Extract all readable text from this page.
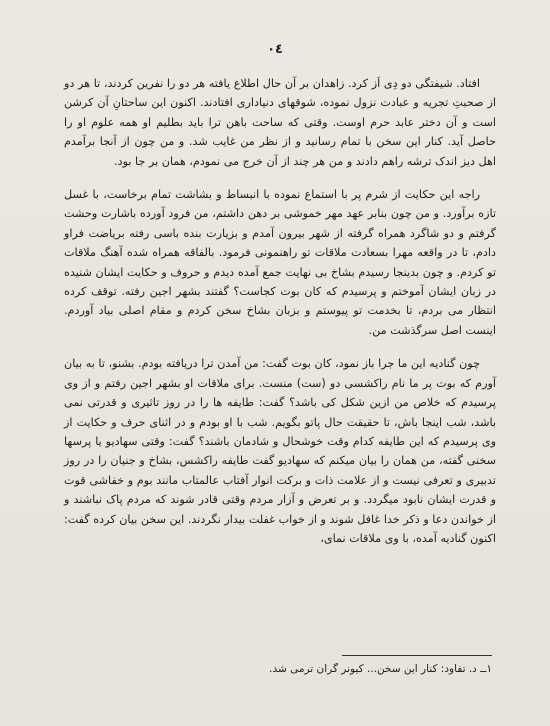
۰٤

افتاد. شیفتگی دو دِی اَز کرد. زاهدان بر آن حال اطلاع یافته هر دو را نفرین کردند، تا هر دو از صحبتِ تجریه و عبادت نزول نموده، شوقهای دنیاداری افتادند. اکنون این ساحتانِ آن کرشن است و آن دختر عابد حرم اوست. وقتی که ساحت باهن ترا باید بطلیم او همه علوم او را حاصل آید. کنار این سخن با تمام رسانید و از نظر من غایب شد. و من چون از آنجا برآمدم اهل دیز اندک ترشه راهم دادند و من هر چند از آن خرج می نمودم، همان بر جا بود.

راجه این حکایت از شرم پر با استماع نموده با انبساط و بشاشت تمام برخاست، با غسل تازه برآورد. و من چون بنابر عهد مهر خموشی بر دهن داشتم، من فرود آورده باشارت وحشت گرفتم و دو شاگرد همراه گرفته از شهر بیرون آمدم و بزیارت بنده باسی رفته بریاضت فراو دادم، تا در واقعه مهرا بسعادت ملاقات تو راهنمونی فرمود. بالفاقه همراه شده آهنگ ملاقات تو کردم. و چون بدینجا رسیدم بشاخ بی نهایت جمع آمده دیدم و حروف و حکایت ایشان شنیده در زبان ایشان آموختم و پرسیدم که کان بوت کجاست؟ گفتند بشهر اجین رفته. توقف کرده انتظار می بردم، تا بخدمت تو پیوستم و بزبان بشاخ سخن کردم و مقام اصلی بیاد آوردم. اینست اصل سرگذشت من.

چون گنادیه این ما جرا باز نمود، کان بوت گفت: من آمدن ترا دریافته بودم. بشنو، تا به بیان آورم که بوت پر ما نام راکشسی دو (ست) منست. برای ملاقات او بشهر اجین رفتم و از وی پرسیدم که خلاص من ازین شکل کی باشد؟ گفت: طایفه ها را در روز تاثیری و قدرتی نمی باشد، شب اینجا باش، تا حقیقت حال پاتو بگویم. شب با او بودم و در اثنای حرف و حکایت از وی پرسیدم که این طایفه کدام وقت خوشحال و شادمان باشند؟ گفت: وقتی سهادیو یا پرسها سخنی گفته، من همان را بیان میکنم که سهادیو گفت طایفه راکشس، بشاخ و جنیان را در روز تدبیری و تعرفی نیست و از علامت ذات و برکت انوار آفتاب عالمتاب مانند بوم و خفاشی قوت و قدرت ایشان نابود میگردد. و بر تعرض و آزار مردم وقتی قادر شوند که مردم پاک نباشند و از خواندن دعا و ذکر خدا غافل شوند و از خواب غفلت بیدار نگردند. این سخن بیان کرده گفت: اکنون گنادیه آمده، با وی ملاقات نمای،

۱ــ د. تفاود: کنار این سخن... کیونر گران ترمی شد.
